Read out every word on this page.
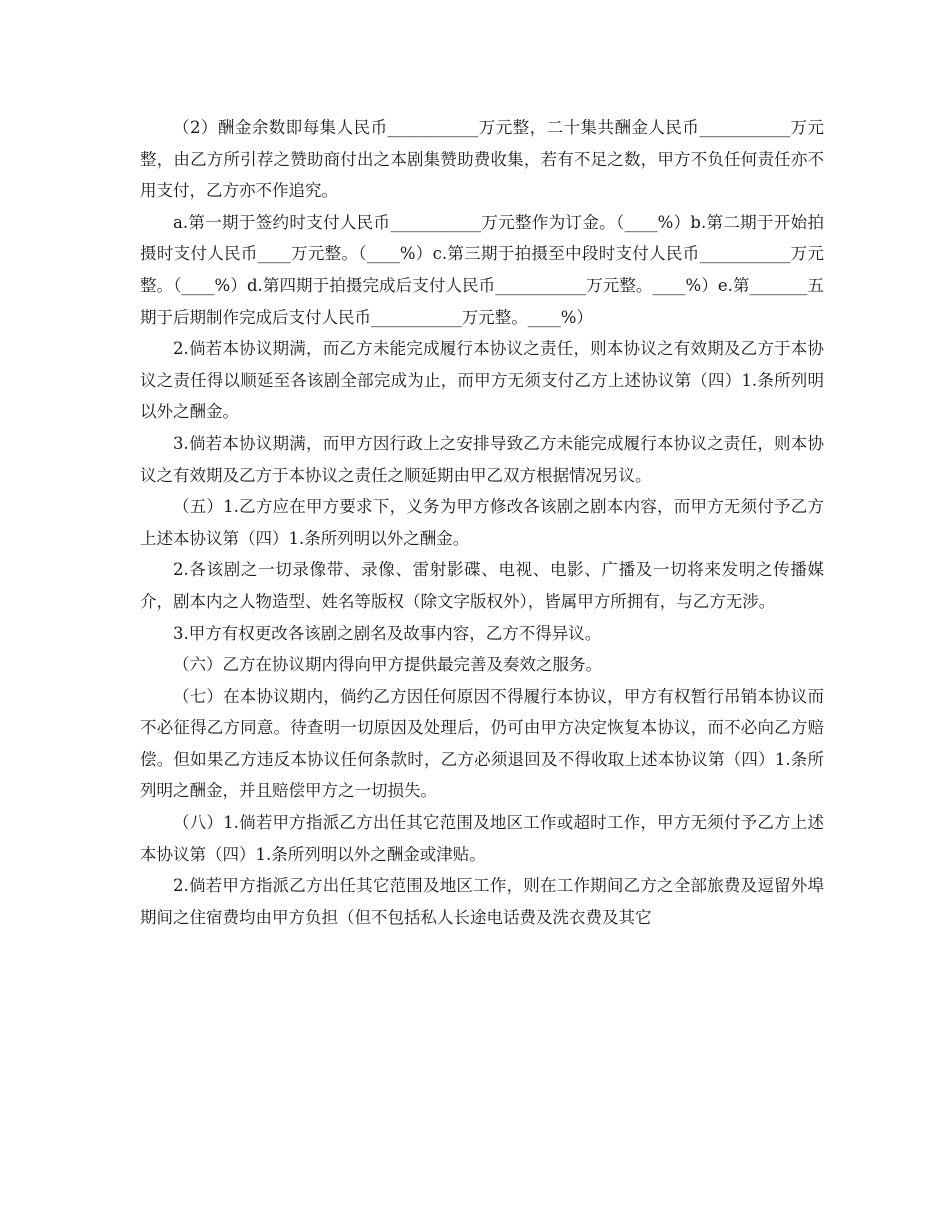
（2）酬金余数即每集人民币___________万元整，二十集共酬金人民币___________万元整，由乙方所引荐之赞助商付出之本剧集赞助费收集，若有不足之数，甲方不负任何责任亦不用支付，乙方亦不作追究。

a.第一期于签约时支付人民币___________万元整作为订金。（____%）b.第二期于开始拍摄时支付人民币____万元整。（____%）c.第三期于拍摄至中段时支付人民币___________万元整。（____%）d.第四期于拍摄完成后支付人民币___________万元整。____%）e.第_______五期于后期制作完成后支付人民币___________万元整。____%）

2.倘若本协议期满，而乙方未能完成履行本协议之责任，则本协议之有效期及乙方于本协议之责任得以顺延至各该剧全部完成为止，而甲方无须支付乙方上述协议第（四）1.条所列明以外之酬金。

3.倘若本协议期满，而甲方因行政上之安排导致乙方未能完成履行本协议之责任，则本协议之有效期及乙方于本协议之责任之顺延期由甲乙双方根据情况另议。

（五）1.乙方应在甲方要求下，义务为甲方修改各该剧之剧本内容，而甲方无须付予乙方上述本协议第（四）1.条所列明以外之酬金。

2.各该剧之一切录像带、录像、雷射影碟、电视、电影、广播及一切将来发明之传播媒介，剧本内之人物造型、姓名等版权（除文字版权外），皆属甲方所拥有，与乙方无涉。

3.甲方有权更改各该剧之剧名及故事内容，乙方不得异议。

（六）乙方在协议期内得向甲方提供最完善及奏效之服务。

（七）在本协议期内，倘约乙方因任何原因不得履行本协议，甲方有权暂行吊销本协议而不必征得乙方同意。待查明一切原因及处理后，仍可由甲方决定恢复本协议，而不必向乙方赔偿。但如果乙方违反本协议任何条款时，乙方必须退回及不得收取上述本协议第（四）1.条所列明之酬金，并且赔偿甲方之一切损失。

（八）1.倘若甲方指派乙方出任其它范围及地区工作或超时工作，甲方无须付予乙方上述本协议第（四）1.条所列明以外之酬金或津贴。

2.倘若甲方指派乙方出任其它范围及地区工作，则在工作期间乙方之全部旅费及逗留外埠期间之住宿费均由甲方负担（但不包括私人长途电话费及洗衣费及其它
